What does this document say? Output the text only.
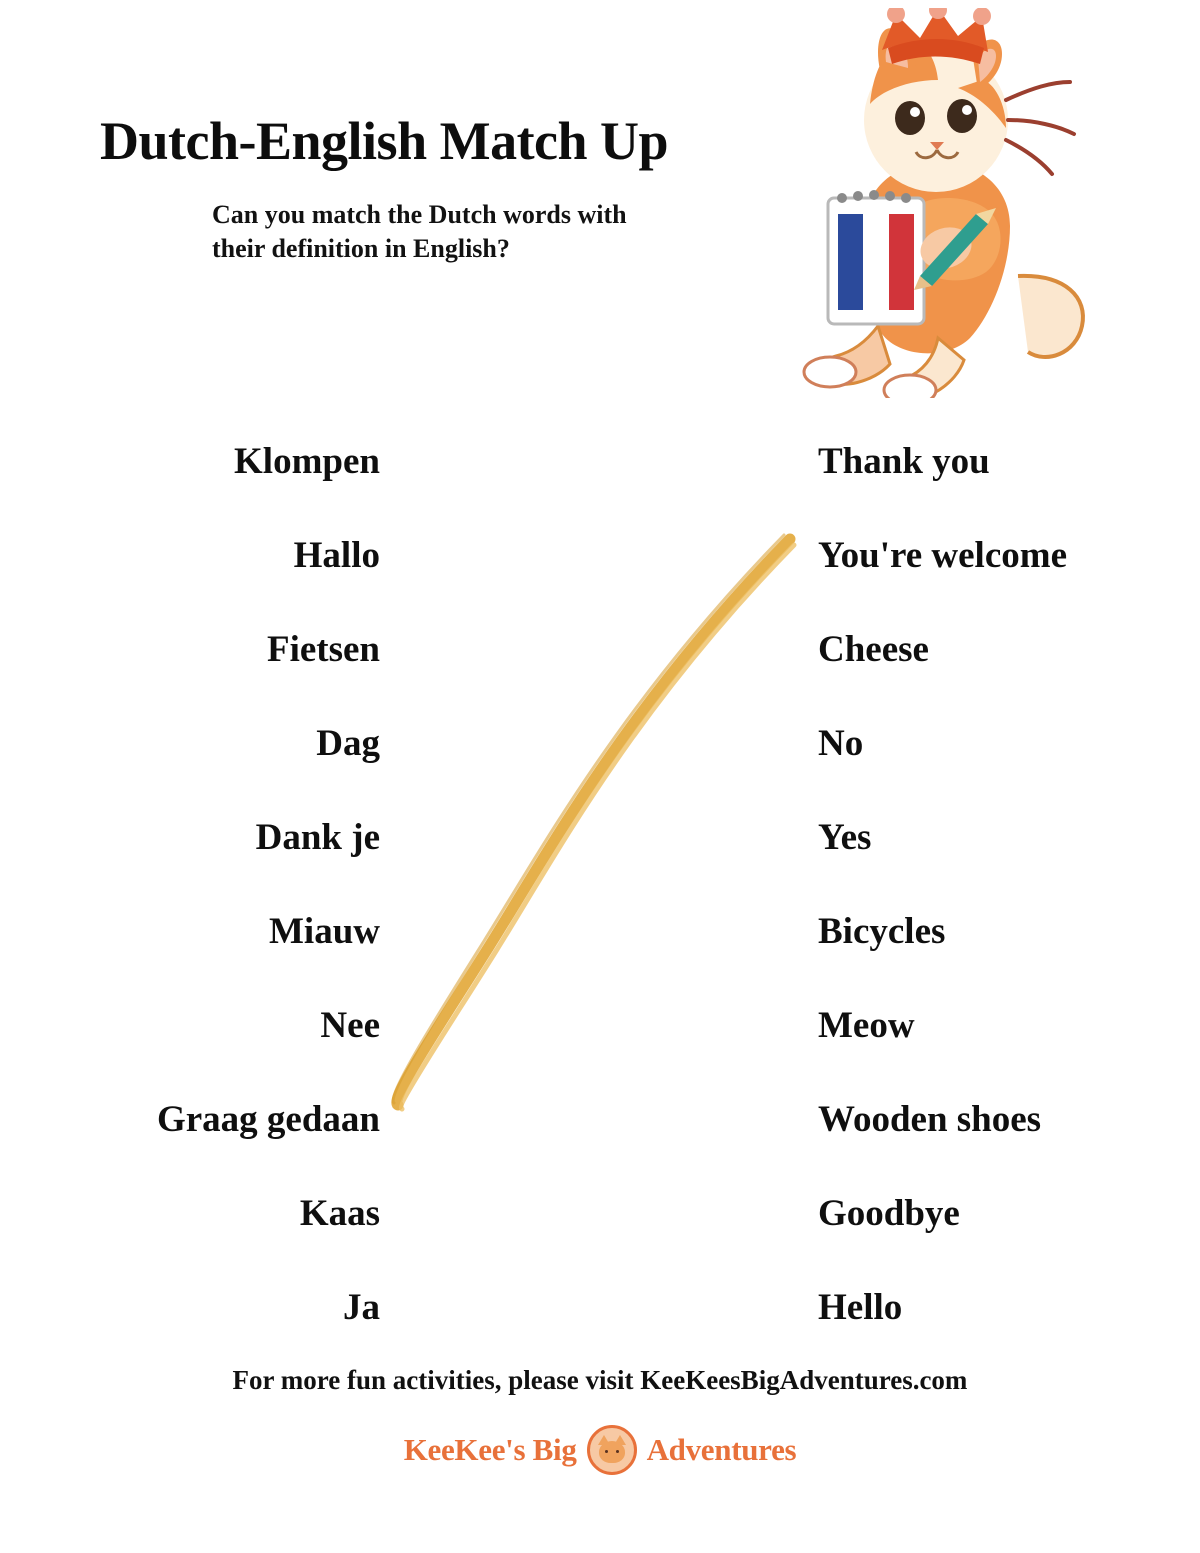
Dutch-English Match Up

Can you match the Dutch words with their definition in English?

Klompen
Hallo
Fietsen
Dag
Dank je
Miauw
Nee
Graag gedaan
Kaas
Ja
Thank you
You're welcome
Cheese
No
Yes
Bicycles
Meow
Wooden shoes
Goodbye
Hello
For more fun activities, please visit KeeKeesBigAdventures.com
KeeKee's Big Adventures
